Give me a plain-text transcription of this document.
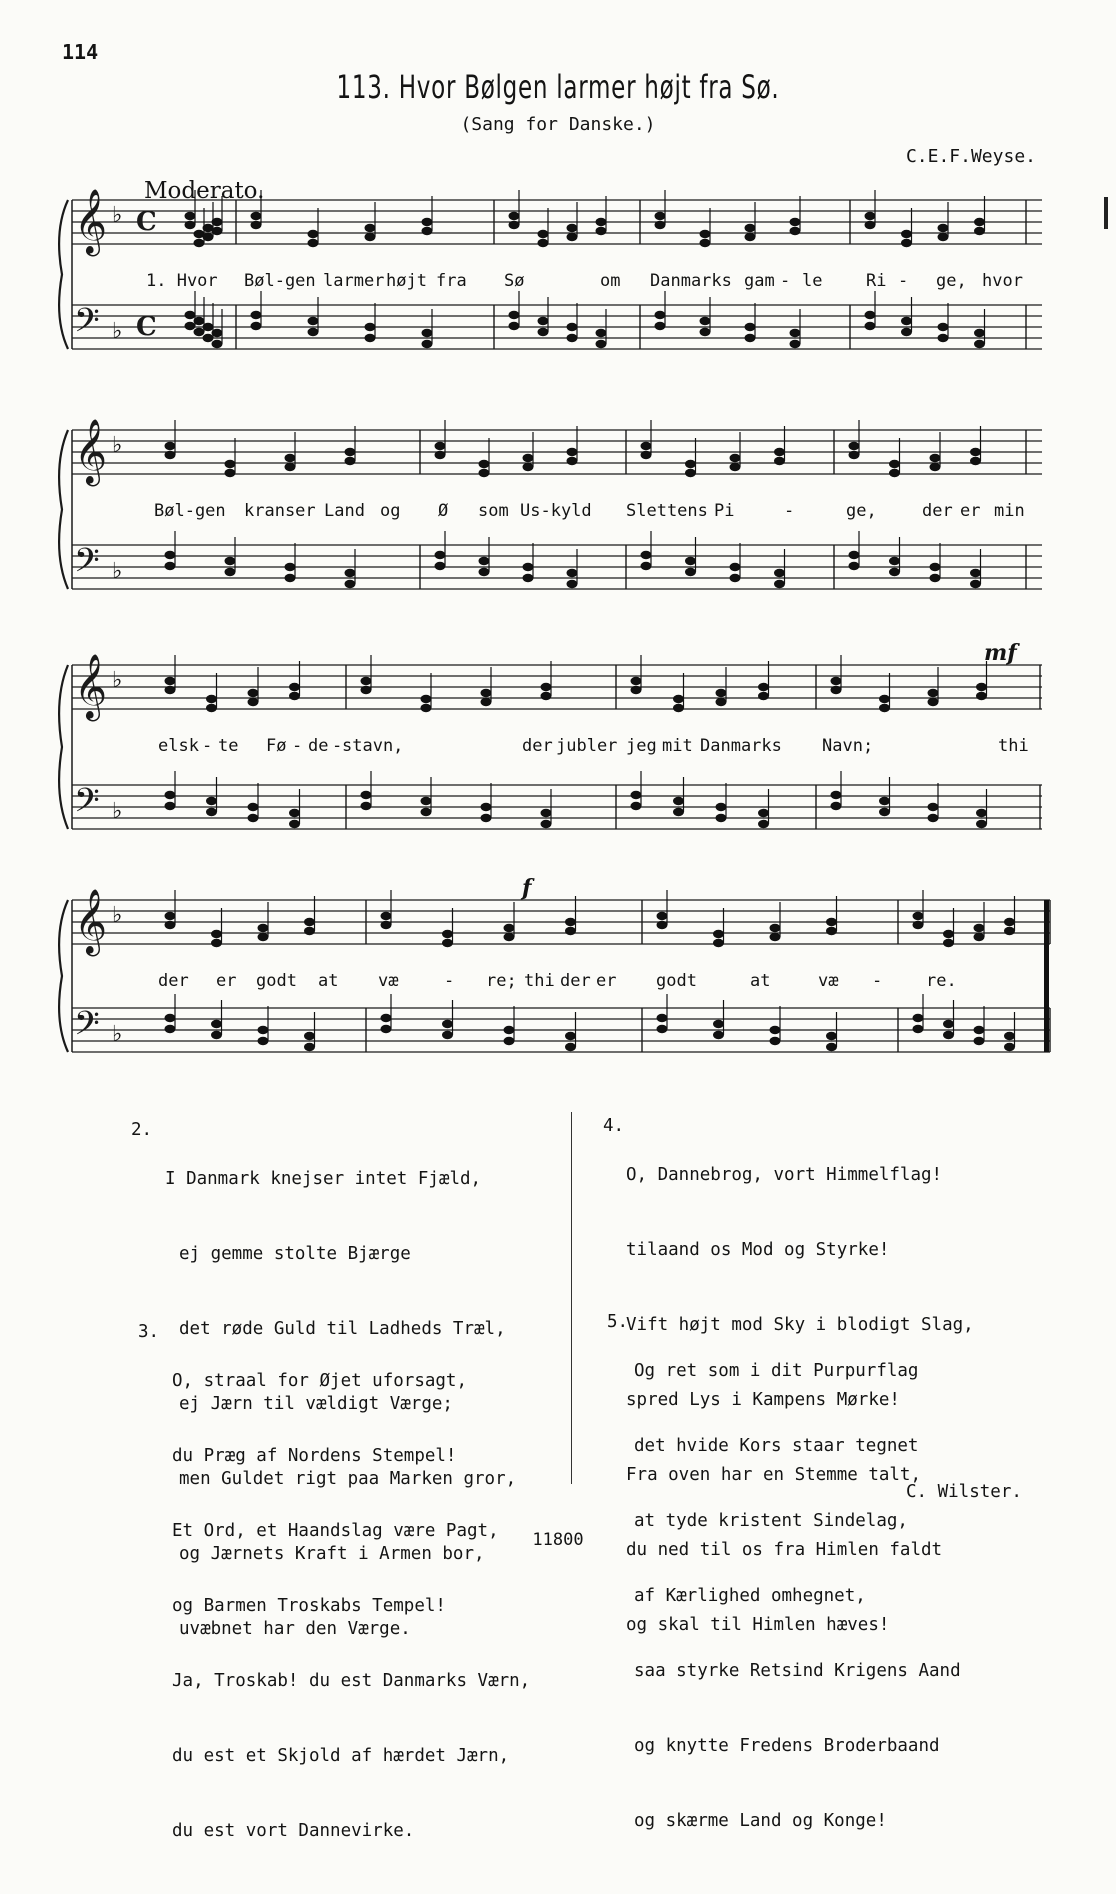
114
113. Hvor Bølgen larmer højt fra Sø.
(Sang for Danske.)
C.E.F.Weyse.
Moderato.
𝄞 ♭ C
𝄢 ♭ C
1. Hvor Bøl-gen larmer højt fra Sø	om Danmarks gam - le	Ri - ge, hvor
𝄞 ♭
𝄢 ♭
Bøl-gen kranser Land og Ø som Us-kyld Slettens Pi	-	ge,	der er min
𝄞 ♭
𝄢 ♭
mf
elsk - te Fø - de - stavn,	der jubler jeg mit Danmarks Navn;	thi
𝄞 ♭
𝄢 ♭
f
der er godt at væ	- re; thi der er godt	at	væ -	re.
2.

I Danmark knejser intet Fjæld,

ej gemme stolte Bjærge

det røde Guld til Ladheds Træl,

ej Jærn til vældigt Værge;

men Guldet rigt paa Marken gror,

og Jærnets Kraft i Armen bor,

uvæbnet har den Værge.

3.

O, straal for Øjet uforsagt,

du Præg af Nordens Stempel!

Et Ord, et Haandslag være Pagt,

og Barmen Troskabs Tempel!

Ja, Troskab! du est Danmarks Værn,

du est et Skjold af hærdet Jærn,

du est vort Dannevirke.

4.

O, Dannebrog, vort Himmelflag!

tilaand os Mod og Styrke!

Vift højt mod Sky i blodigt Slag,

spred Lys i Kampens Mørke!

Fra oven har en Stemme talt,

du ned til os fra Himlen faldt

og skal til Himlen hæves!

5.

Og ret som i dit Purpurflag

det hvide Kors staar tegnet

at tyde kristent Sindelag,

af Kærlighed omhegnet,

saa styrke Retsind Krigens Aand

og knytte Fredens Broderbaand

og skærme Land og Konge!

C. Wilster.
11800
